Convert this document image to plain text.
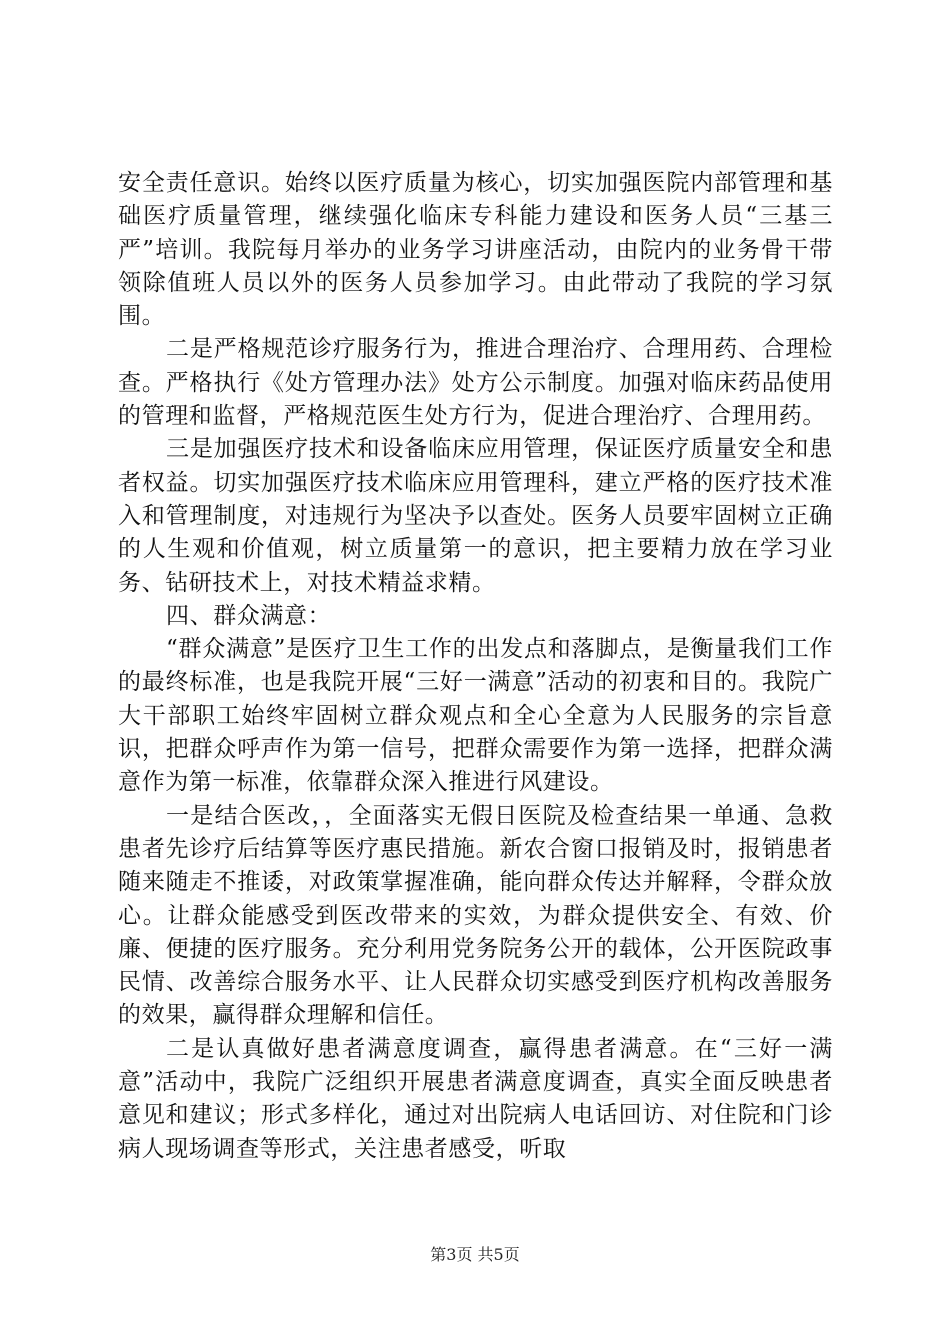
安全责任意识。始终以医疗质量为核心，切实加强医院内部管理和基础医疗质量管理，继续强化临床专科能力建设和医务人员“三基三严”培训。我院每月举办的业务学习讲座活动，由院内的业务骨干带领除值班人员以外的医务人员参加学习。由此带动了我院的学习氛围。

二是严格规范诊疗服务行为，推进合理治疗、合理用药、合理检查。严格执行《处方管理办法》处方公示制度。加强对临床药品使用的管理和监督，严格规范医生处方行为，促进合理治疗、合理用药。

三是加强医疗技术和设备临床应用管理，保证医疗质量安全和患者权益。切实加强医疗技术临床应用管理科，建立严格的医疗技术准入和管理制度，对违规行为坚决予以查处。医务人员要牢固树立正确的人生观和价值观，树立质量第一的意识，把主要精力放在学习业务、钻研技术上，对技术精益求精。

四、群众满意：

“群众满意”是医疗卫生工作的出发点和落脚点，是衡量我们工作的最终标准，也是我院开展“三好一满意”活动的初衷和目的。我院广大干部职工始终牢固树立群众观点和全心全意为人民服务的宗旨意识，把群众呼声作为第一信号，把群众需要作为第一选择，把群众满意作为第一标准，依靠群众深入推进行风建设。

一是结合医改，，全面落实无假日医院及检查结果一单通、急救患者先诊疗后结算等医疗惠民措施。新农合窗口报销及时，报销患者随来随走不推诿，对政策掌握准确，能向群众传达并解释，令群众放心。让群众能感受到医改带来的实效，为群众提供安全、有效、价廉、便捷的医疗服务。充分利用党务院务公开的载体，公开医院政事民情、改善综合服务水平、让人民群众切实感受到医疗机构改善服务的效果，赢得群众理解和信任。

二是认真做好患者满意度调查，赢得患者满意。在“三好一满意”活动中，我院广泛组织开展患者满意度调查，真实全面反映患者意见和建议；形式多样化，通过对出院病人电话回访、对住院和门诊病人现场调查等形式，关注患者感受，听取

第3页 共5页
